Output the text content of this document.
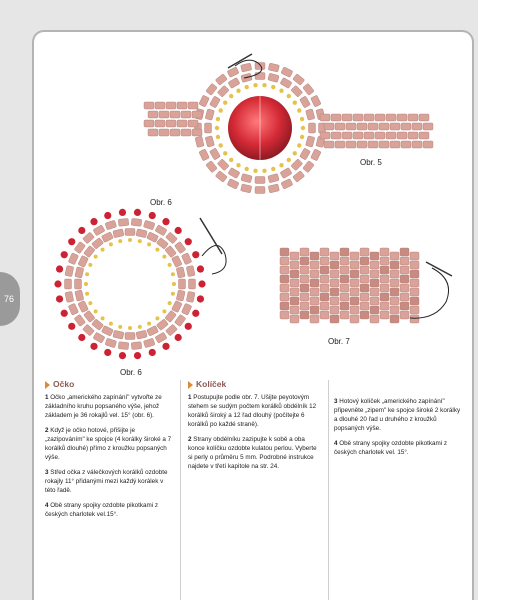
76
Obr. 5
Obr. 6
Obr. 7
Obr. 6
Očko

1 Očko „amerického zapínání" vytvořte ze základního kruhu popsaného výše, jehož základem je 36 rokajlů vel. 15° (obr. 6).

2 Když je očko hotové, přišijte je „zazipováním" ke spojce (4 korálky široké a 7 korálků dlouhé) přímo z kroužku popsaných výše.

3 Střed očka z válečkových korálků ozdobte rokajly 11° přidanými mezi každý korálek v této řadě.

4 Obě strany spojky ozdobte pikotkami z českých charlotek vel.15°.

Kolíček

1 Postupujte podle obr. 7. Ušijte peyotovým stehem se sudým počtem korálků obdélník 12 korálků široký a 12 řad dlouhý (počítejte 6 korálků po každé straně).

2 Strany obdélníku zazipujte k sobě a oba konce kolíčku ozdobte kulatou perlou. Vyberte si perly o průměru 5 mm. Podrobné instrukce najdete v třetí kapitole na str. 24.

3 Hotový kolíček „amerického zapínání" připevněte „zipem" ke spojce široké 2 korálky a dlouhé 20 řad u druhého z kroužků popsaných výše.

4 Obě strany spojky ozdobte pikotkami z českých charlotek vel. 15°.
